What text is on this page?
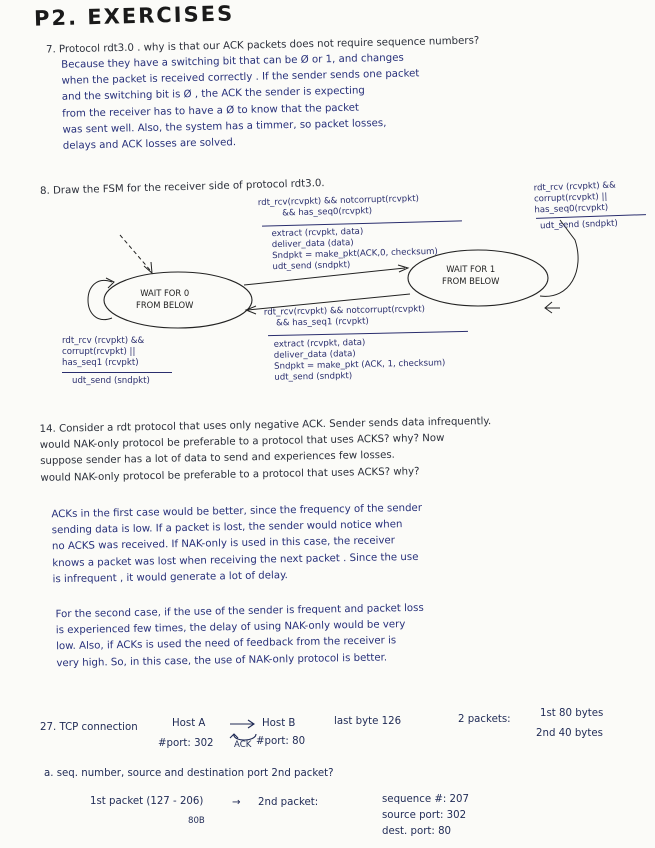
P2. EXERCISES
7. Protocol rdt3.0 . why is that our ACK packets does not require sequence numbers?
Because they have a switching bit that can be Ø or 1, and changes
when the packet is received correctly . If the sender sends one packet
and the switching bit is Ø , the ACK the sender is expecting
from the receiver has to have a Ø to know that the packet
was sent well. Also, the system has a timmer, so packet losses,
delays and ACK losses are solved.
8. Draw the FSM for the receiver side of protocol rdt3.0.
WAIT FOR 0
FROM BELOW
WAIT FOR 1
FROM BELOW
rdt_rcv(rcvpkt) && notcorrupt(rcvpkt)
&& has_seq0(rcvpkt)
extract (rcvpkt, data)
deliver_data (data)
Sndpkt = make_pkt(ACK,0, checksum)
udt_send (sndpkt)
rdt_rcv(rcvpkt) && notcorrupt(rcvpkt)
&& has_seq1 (rcvpkt)
extract (rcvpkt, data)
deliver_data (data)
Sndpkt = make_pkt (ACK, 1, checksum)
udt_send (sndpkt)
rdt_rcv (rcvpkt) &&
corrupt(rcvpkt) ||
has_seq1 (rcvpkt)
udt_send (sndpkt)
rdt_rcv (rcvpkt) &&
corrupt(rcvpkt) ||
has_seq0(rcvpkt)
udt_send (sndpkt)
14. Consider a rdt protocol that uses only negative ACK. Sender sends data infrequently.
would NAK-only protocol be preferable to a protocol that uses ACKS? why? Now
suppose sender has a lot of data to send and experiences few losses.
would NAK-only protocol be preferable to a protocol that uses ACKS? why?
ACKs in the first case would be better, since the frequency of the sender
sending data is low. If a packet is lost, the sender would notice when
no ACKS was received. If NAK-only is used in this case, the receiver
knows a packet was lost when receiving the next packet . Since the use
is infrequent , it would generate a lot of delay.
For the second case, if the use of the sender is frequent and packet loss
is experienced few times, the delay of using NAK-only would be very
low. Also, if ACKs is used the need of feedback from the receiver is
very high. So, in this case, the use of NAK-only protocol is better.
27. TCP connection	Host A
ACK
Host B
#port: 302	#port: 80
last byte 126	2 packets:
1st 80 bytes
2nd 40 bytes
a. seq. number, source and destination port 2nd packet?
1st packet (127 - 206)
80B
→ 2nd packet:	sequence #: 207
source port: 302
dest. port: 80
